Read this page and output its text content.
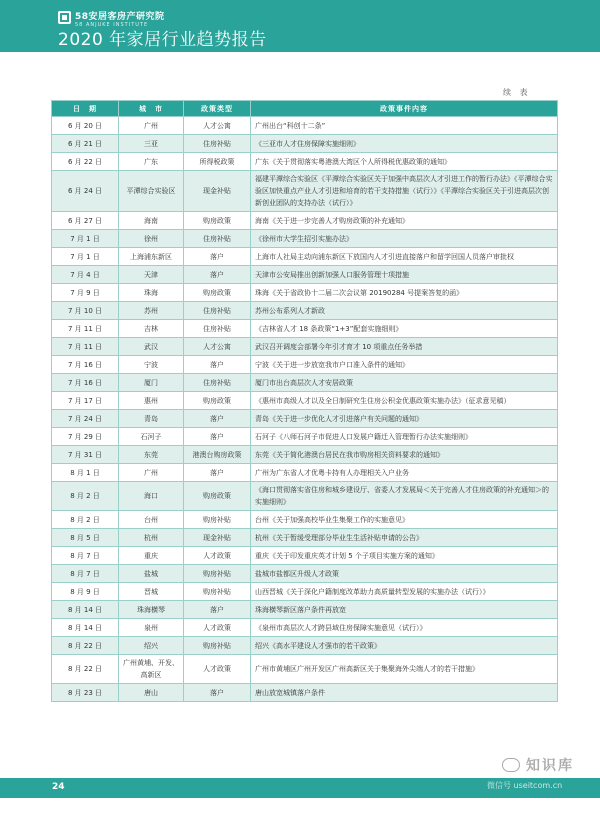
58安居客房产研究院
58 ANJUKE INSTITUTE
2020 年家居行业趋势报告
续 表
日　期	城　市	政策类型	政策事件内容
6 月 20 日	广州	人才公寓	广州出台“科创十二条”
6 月 21 日	三亚	住房补贴	《三亚市人才住房保障实施细则》
6 月 22 日	广东	所得税政策	广东《关于贯彻落实粤港澳大湾区个人所得税优惠政策的通知》
6 月 24 日	平潭综合实验区	现金补贴	福建平潭综合实验区《平潭综合实验区关于加强中高层次人才引进工作的暂行办法》《平潭综合实验区加快重点产业人才引进和培育的若干支持措施（试行）》《平潭综合实验区关于引进高层次创新创业团队的支持办法（试行）》
6 月 27 日	海南	购房政策	海南《关于进一步完善人才购房政策的补充通知》
7 月 1 日	徐州	住房补贴	《徐州市大学生招引实施办法》
7 月 1 日	上海浦东新区	落户	上海市人社局主动向浦东新区下放国内人才引进直接落户和留学回国人员落户审批权
7 月 4 日	天津	落户	天津市公安局推出创新加强人口服务管理十项措施
7 月 9 日	珠海	购房政策	珠海《关于省政协十二届二次会议第 20190284 号提案答复的函》
7 月 10 日	苏州	住房补贴	苏州公布系列人才新政
7 月 11 日	吉林	住房补贴	《吉林省人才 18 条政策“1+3”配套实施细则》
7 月 11 日	武汉	人才公寓	武汉召开调度会部署今年引才育才 10 项重点任务举措
7 月 16 日	宁波	落户	宁波《关于进一步放宽我市户口准入条件的通知》
7 月 16 日	厦门	住房补贴	厦门市出台高层次人才安居政策
7 月 17 日	惠州	购房政策	《惠州市高级人才以及全日制研究生住房公积金优惠政策实施办法》（征求意见稿）
7 月 24 日	青岛	落户	青岛《关于进一步优化人才引进落户有关问题的通知》
7 月 29 日	石河子	落户	石河子《八师石河子市促进人口发展户籍迁入管理暂行办法实施细则》
7 月 31 日	东莞	港澳台购房政策	东莞《关于简化港澳台居民在我市购房相关资料要求的通知》
8 月 1 日	广州	落户	广州为广东省人才优粤卡持有人办理相关入户业务
8 月 2 日	海口	购房政策	《海口贯彻落实省住房和城乡建设厅、省委人才发展局＜关于完善人才住房政策的补充通知＞的实施细则》
8 月 2 日	台州	购房补贴	台州《关于加强高校毕业生集聚工作的实施意见》
8 月 5 日	杭州	现金补贴	杭州《关于暂缓受理部分毕业生生活补贴申请的公告》
8 月 7 日	重庆	人才政策	重庆《关于印发重庆英才计划 5 个子项目实施方案的通知》
8 月 7 日	盐城	购房补贴	盐城市盐都区升级人才政策
8 月 9 日	晋城	购房补贴	山西晋城《关于深化户籍制度改革助力高质量转型发展的实施办法（试行）》
8 月 14 日	珠海横琴	落户	珠海横琴新区落户条件再放宽
8 月 14 日	泉州	人才政策	《泉州市高层次人才跨县域住房保障实施意见（试行）》
8 月 22 日	绍兴	购房补贴	绍兴《高水平建设人才强市的若干政策》
8 月 22 日	广州黄埔、开发、高新区	人才政策	广州市黄埔区广州开发区广州高新区关于集聚海外尖端人才的若干措施》
8 月 23 日	唐山	落户	唐山放宽城镇落户条件
24
知识库
微信号 useitcom.cn
